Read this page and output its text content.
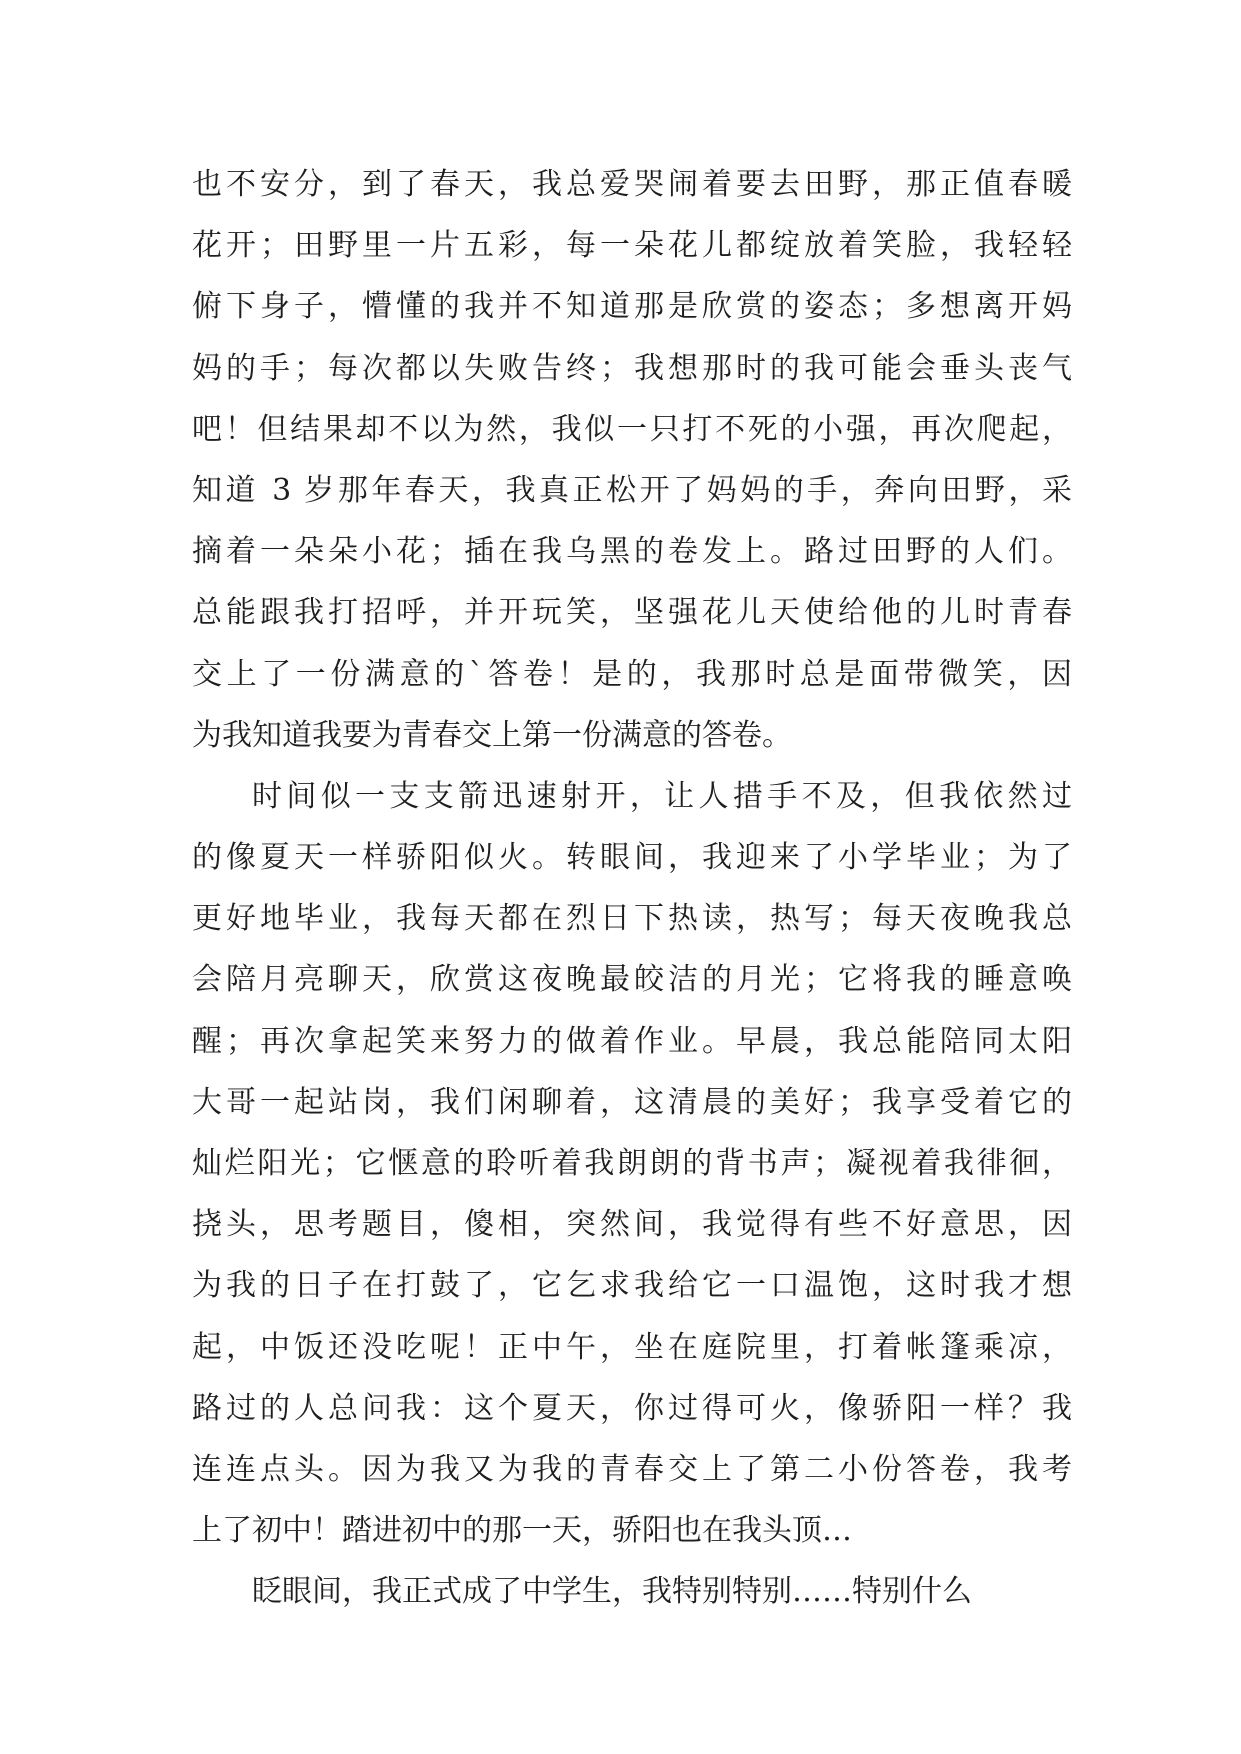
也不安分，到了春天，我总爱哭闹着要去田野，那正值春暖
花开；田野里一片五彩，每一朵花儿都绽放着笑脸，我轻轻
俯下身子，懵懂的我并不知道那是欣赏的姿态；多想离开妈
妈的手；每次都以失败告终；我想那时的我可能会垂头丧气
吧！但结果却不以为然，我似一只打不死的小强，再次爬起，
知道 3 岁那年春天，我真正松开了妈妈的手，奔向田野，采
摘着一朵朵小花；插在我乌黑的卷发上。路过田野的人们。
总能跟我打招呼，并开玩笑，坚强花儿天使给他的儿时青春
交上了一份满意的`答卷！是的，我那时总是面带微笑，因
为我知道我要为青春交上第一份满意的答卷。
时间似一支支箭迅速射开，让人措手不及，但我依然过
的像夏天一样骄阳似火。转眼间，我迎来了小学毕业；为了
更好地毕业，我每天都在烈日下热读，热写；每天夜晚我总
会陪月亮聊天，欣赏这夜晚最皎洁的月光；它将我的睡意唤
醒；再次拿起笑来努力的做着作业。早晨，我总能陪同太阳
大哥一起站岗，我们闲聊着，这清晨的美好；我享受着它的
灿烂阳光；它惬意的聆听着我朗朗的背书声；凝视着我徘徊，
挠头，思考题目，傻相，突然间，我觉得有些不好意思，因
为我的日子在打鼓了，它乞求我给它一口温饱，这时我才想
起，中饭还没吃呢！正中午，坐在庭院里，打着帐篷乘凉，
路过的人总问我：这个夏天，你过得可火，像骄阳一样？我
连连点头。因为我又为我的青春交上了第二小份答卷，我考
上了初中！踏进初中的那一天，骄阳也在我头顶…
眨眼间，我正式成了中学生，我特别特别……特别什么
